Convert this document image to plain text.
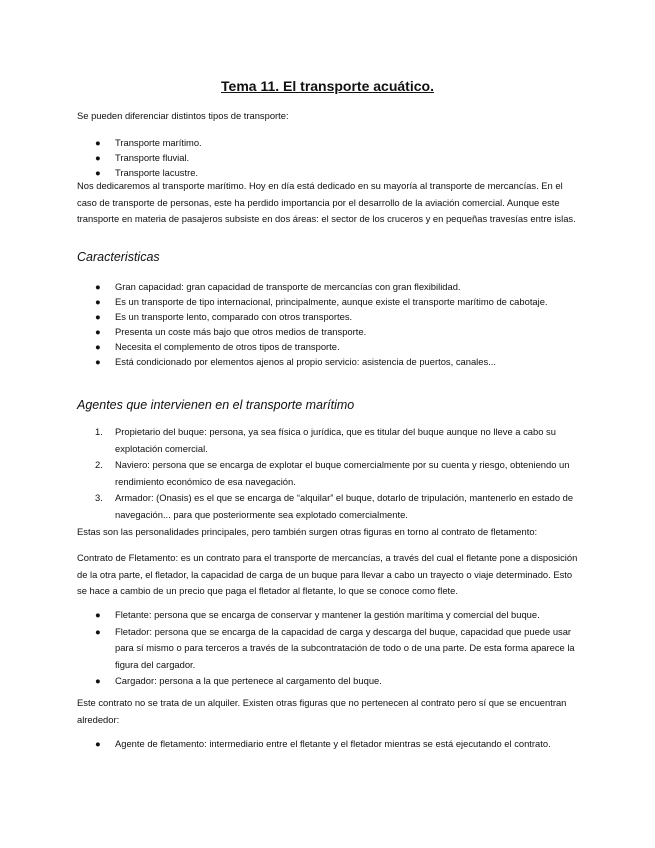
Tema 11. El transporte acuático.
Se pueden diferenciar distintos tipos de transporte:
● Transporte marítimo.
● Transporte fluvial.
● Transporte lacustre.
Nos dedicaremos al transporte marítimo. Hoy en día está dedicado en su mayoría al transporte de mercancías. En el caso de transporte de personas, este ha perdido importancia por el desarrollo de la aviación comercial. Aunque este transporte en materia de pasajeros subsiste en dos áreas: el sector de los cruceros y en pequeñas travesías entre islas.
Caracteristicas
● Gran capacidad: gran capacidad de transporte de mercancías con gran flexibilidad.
● Es un transporte de tipo internacional, principalmente, aunque existe el transporte marítimo de cabotaje.
● Es un transporte lento, comparado con otros transportes.
● Presenta un coste más bajo que otros medios de transporte.
● Necesita el complemento de otros tipos de transporte.
● Está condicionado por elementos ajenos al propio servicio: asistencia de puertos, canales...
Agentes que intervienen en el transporte marítimo
1. Propietario del buque: persona, ya sea física o jurídica, que es titular del buque aunque no lleve a cabo su explotación comercial.
2. Naviero: persona que se encarga de explotar el buque comercialmente por su cuenta y riesgo, obteniendo un rendimiento económico de esa navegación.
3. Armador: (Onasis) es el que se encarga de “alquilar” el buque, dotarlo de tripulación, mantenerlo en estado de navegación... para que posteriormente sea explotado comercialmente.
Estas son las personalidades principales, pero también surgen otras figuras en torno al contrato de fletamento:
Contrato de Fletamento: es un contrato para el transporte de mercancías, a través del cual el fletante pone a disposición de la otra parte, el fletador, la capacidad de carga de un buque para llevar a cabo un trayecto o viaje determinado. Esto se hace a cambio de un precio que paga el fletador al fletante, lo que se conoce como flete.
● Fletante: persona que se encarga de conservar y mantener la gestión marítima y comercial del buque.
● Fletador: persona que se encarga de la capacidad de carga y descarga del buque, capacidad que puede usar para sí mismo o para terceros a través de la subcontratación de todo o de una parte. De esta forma aparece la figura del cargador.
● Cargador: persona a la que pertenece al cargamento del buque.
Este contrato no se trata de un alquiler. Existen otras figuras que no pertenecen al contrato pero sí que se encuentran alrededor:
● Agente de fletamento: intermediario entre el fletante y el fletador mientras se está ejecutando el contrato.
